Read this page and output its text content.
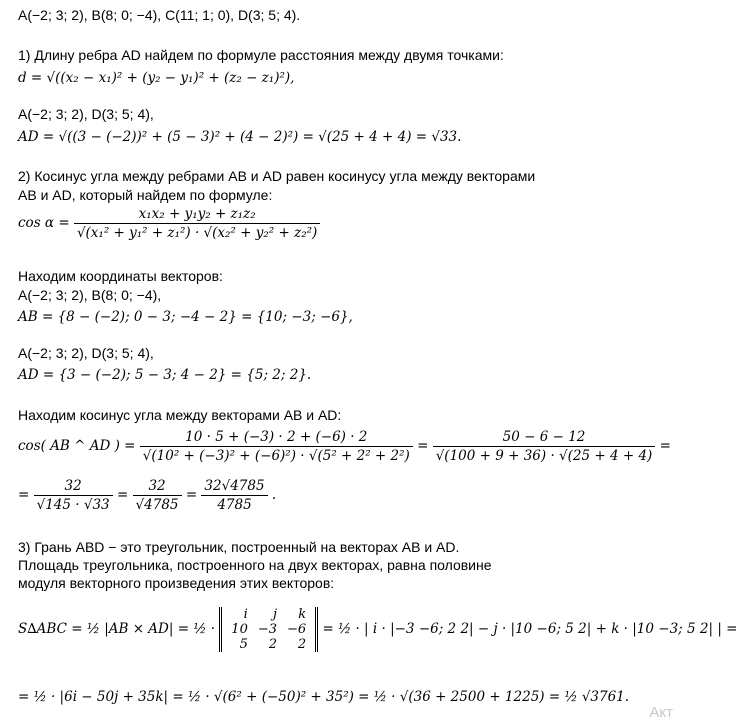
A(−2; 3; 2), B(8; 0; −4), C(11; 1; 0), D(3; 5; 4).
1) Длину ребра AD найдем по формуле расстояния между двумя точками:
d = √((x₂ − x₁)² + (y₂ − y₁)² + (z₂ − z₁)²),
A(−2; 3; 2), D(3; 5; 4),
AD = √((3 − (−2))² + (5 − 3)² + (4 − 2)²) = √(25 + 4 + 4) = √33.
2) Косинус угла между ребрами AB и AD равен косинусу угла между векторами
AB и AD, который найдем по формуле:
$\cos \alpha = \frac{\text{x₁x₂ + y₁y₂ + z₁z₂}}{\text{√(x₁² + y₁² + z₁²) · √(x₂² + y₂² + z₂²)}}$
Находим координаты векторов:
A(−2; 3; 2), B(8; 0; −4),
AB = {8 − (−2); 0 − 3; −4 − 2} = {10; −3; −6},
A(−2; 3; 2), D(3; 5; 4),
AD = {3 − (−2); 5 − 3; 4 − 2} = {5; 2; 2}.
Находим косинус угла между векторами AB и AD:
cos( AB ^ AD ) = $\frac{10 \cdot 5 + (-3) \cdot 2 + (-6) \cdot 2}{\text{√(10² + (−3)² + (−6)²) · √(5² + 2² + 2²)}} = \frac{50 - 6 - 12}{√(100 + 9 + 36) \cdot √(25 + 4 + 4)}$ =
= $\frac{32}{√145 \cdot √33} = \frac{32}{√4785} = \frac{32√4785}{4785}$ .
3) Грань ABD − это треугольник, построенный на векторах AB и AD.
Площадь треугольника, построенного на двух векторах, равна половине
модуля векторного произведения этих векторов:
S∆ABC = ½ |AB × AD| = ½ ·
i	j	k
10	−3	−6
5	2	2
= ½ · | i · |−3 −6; 2 2| − j · |10 −6; 5 2| + k · |10 −3; 5 2| | =
= ½ · |6i − 50j + 35k| = ½ · √(6² + (−50)² + 35²) = ½ · √(36 + 2500 + 1225) = ½ √3761.
Акт
